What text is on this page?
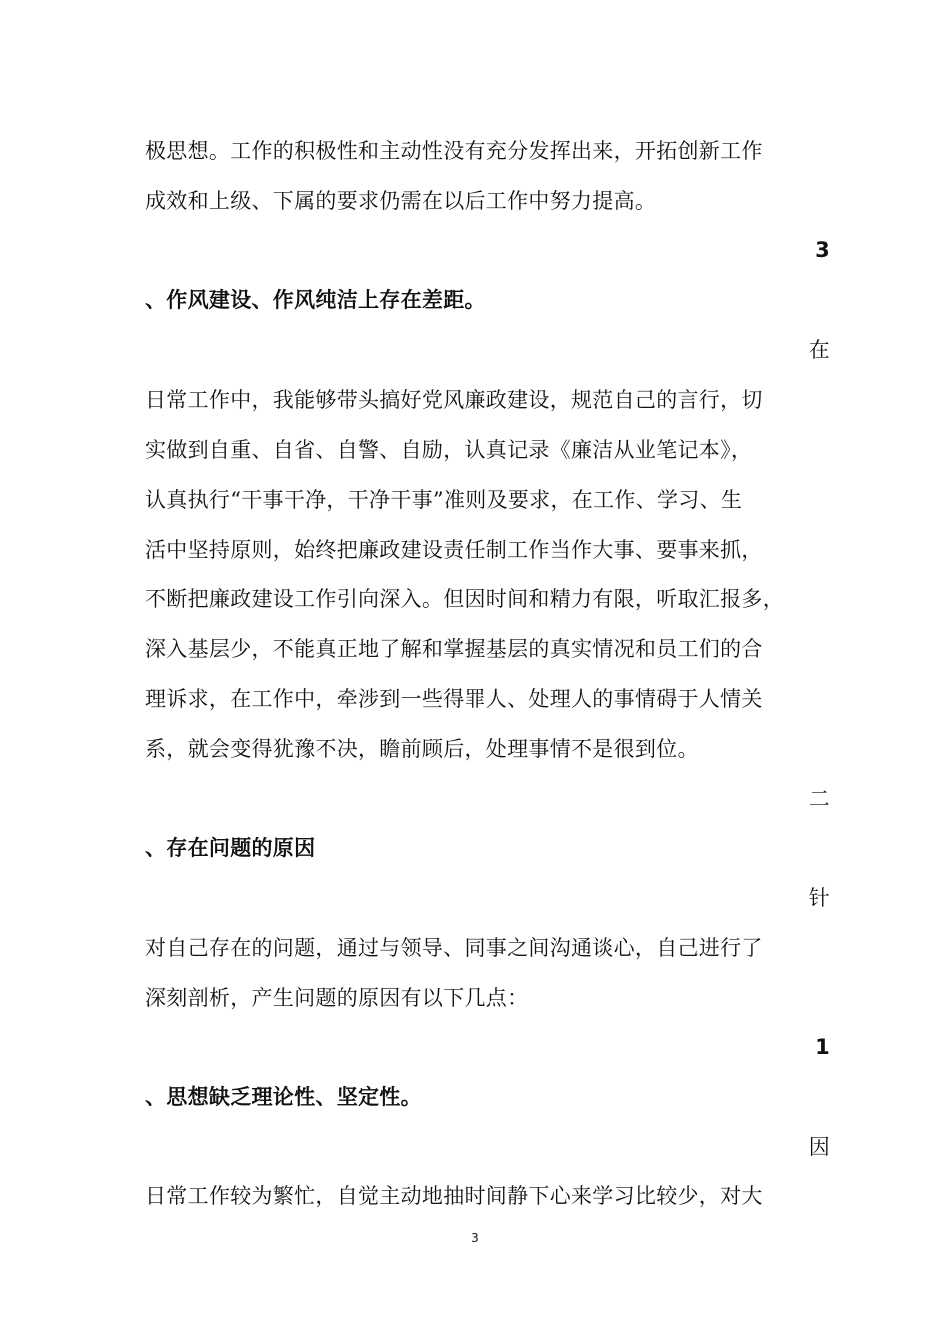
极思想。工作的积极性和主动性没有充分发挥出来，开拓创新工作
成效和上级、下属的要求仍需在以后工作中努力提高。
3
、作风建设、作风纯洁上存在差距。
在
日常工作中，我能够带头搞好党风廉政建设，规范自己的言行，切
实做到自重、自省、自警、自励，认真记录《廉洁从业笔记本》，
认真执行“干事干净，干净干事”准则及要求，在工作、学习、生
活中坚持原则，始终把廉政建设责任制工作当作大事、要事来抓，
不断把廉政建设工作引向深入。但因时间和精力有限，听取汇报多，
深入基层少，不能真正地了解和掌握基层的真实情况和员工们的合
理诉求，在工作中，牵涉到一些得罪人、处理人的事情碍于人情关
系，就会变得犹豫不决，瞻前顾后，处理事情不是很到位。
二
、存在问题的原因
针
对自己存在的问题，通过与领导、同事之间沟通谈心，自己进行了
深刻剖析，产生问题的原因有以下几点：
1
、思想缺乏理论性、坚定性。
因
日常工作较为繁忙，自觉主动地抽时间静下心来学习比较少，对大
3
